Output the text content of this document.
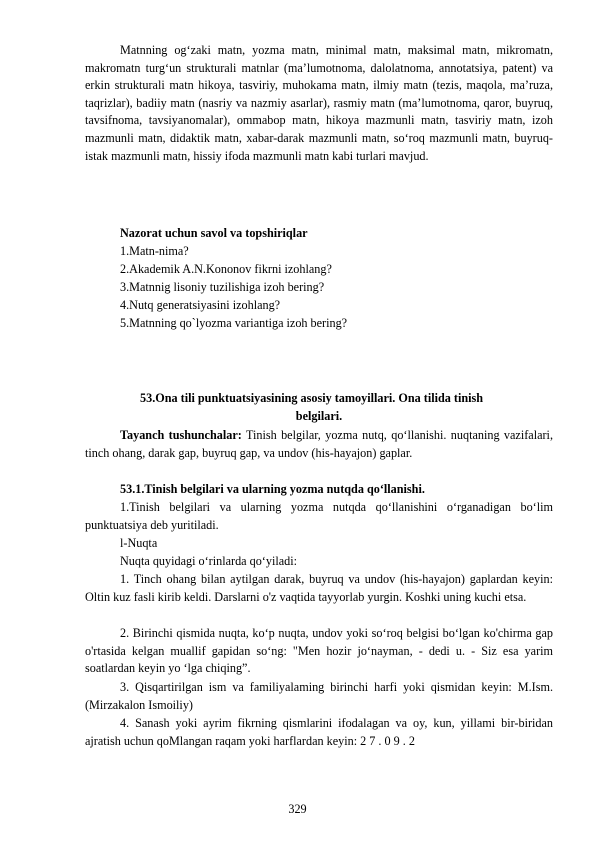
Matnning og‘zaki matn, yozma matn, minimal matn, maksimal matn, mikromatn, makromatn turg‘un strukturali matnlar (ma’lumotnoma, dalolatnoma, annotatsiya, patent) va erkin strukturali matn hikoya, tasviriy, muhokama matn, ilmiy matn (tezis, maqola, ma’ruza, taqrizlar), badiiy matn (nasriy va nazmiy asarlar), rasmiy matn (ma’lumotnoma, qaror, buyruq, tavsifnoma, tavsiyanomalar), ommabop matn, hikoya mazmunli matn, tasviriy matn, izoh mazmunli matn, didaktik matn, xabar-darak mazmunli matn, so‘roq mazmunli matn, buyruq-istak mazmunli matn, hissiy ifoda mazmunli matn kabi turlari mavjud.

Nazorat uchun savol va topshiriqlar

1.Matn-nima?

2.Akademik A.N.Kononov fikrni izohlang?

3.Matnnig lisoniy tuzilishiga izoh bering?

4.Nutq generatsiyasini izohlang?

5.Matnning qo`lyozma variantiga izoh bering?

53.Ona tili punktuatsiyasining asosiy tamoyillari. Ona tilida tinish

belgilari.

Tayanch tushunchalar: Tinish belgilar, yozma nutq, qo‘llanishi. nuqtaning vazifalari, tinch ohang, darak gap, buyruq gap, va undov (his-hayajon) gaplar.

53.1.Tinish belgilari va ularning yozma nutqda qo‘llanishi.

1.Tinish belgilari va ularning yozma nutqda qo‘llanishini o‘rganadigan bo‘lim punktuatsiya deb yuritiladi.

l-Nuqta

Nuqta quyidagi o‘rinlarda qo‘yiladi:

1. Tinch ohang bilan aytilgan darak, buyruq va undov (his-hayajon) gaplardan keyin: Oltin kuz fasli kirib keldi. Darslarni o'z vaqtida tayyorlab yurgin. Koshki uning kuchi etsa.

2. Birinchi qismida nuqta, ko‘p nuqta, undov yoki so‘roq belgisi bo‘lgan ko'chirma gap o'rtasida kelgan muallif gapidan so‘ng: "Men hozir jo‘nayman, - dedi u. - Siz esa yarim soatlardan keyin yo ‘lga chiqing”.

3. Qisqartirilgan ism va familiyalaming birinchi harfi yoki qismidan keyin: M.Ism. (Mirzakalon Ismoiliy)

4. Sanash yoki ayrim fikrning qismlarini ifodalagan va oy, kun, yillami bir-biridan ajratish uchun qoMlangan raqam yoki harflardan keyin: 2 7 . 0 9 . 2

329
